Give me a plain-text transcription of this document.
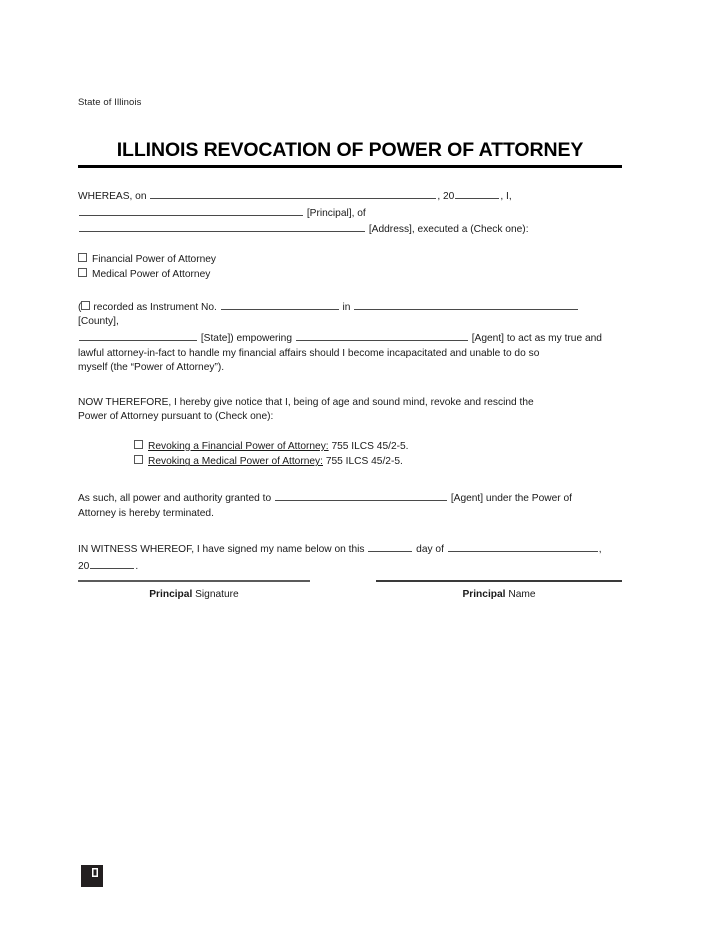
State of Illinois
ILLINOIS REVOCATION OF POWER OF ATTORNEY
WHEREAS, on	, 20	, I,  [Principal], of
[Address], executed a (Check one):
Financial Power of Attorney
Medical Power of Attorney
( recorded as Instrument No.	in  [County],
[State]) empowering	[Agent] to act as my true and
lawful attorney-in-fact to handle my financial affairs should I become incapacitated and unable to do so
myself (the “Power of Attorney”).
NOW THEREFORE, I hereby give notice that I, being of age and sound mind, revoke and rescind the
Power of Attorney pursuant to (Check one):
Revoking a Financial Power of Attorney: 755 ILCS 45/2-5.
Revoking a Medical Power of Attorney: 755 ILCS 45/2-5.
As such, all power and authority granted to	[Agent] under the Power of
Attorney is hereby terminated.
IN WITNESS WHEREOF, I have signed my name below on this	day of	,
20	.
Principal Signature	Principal Name
